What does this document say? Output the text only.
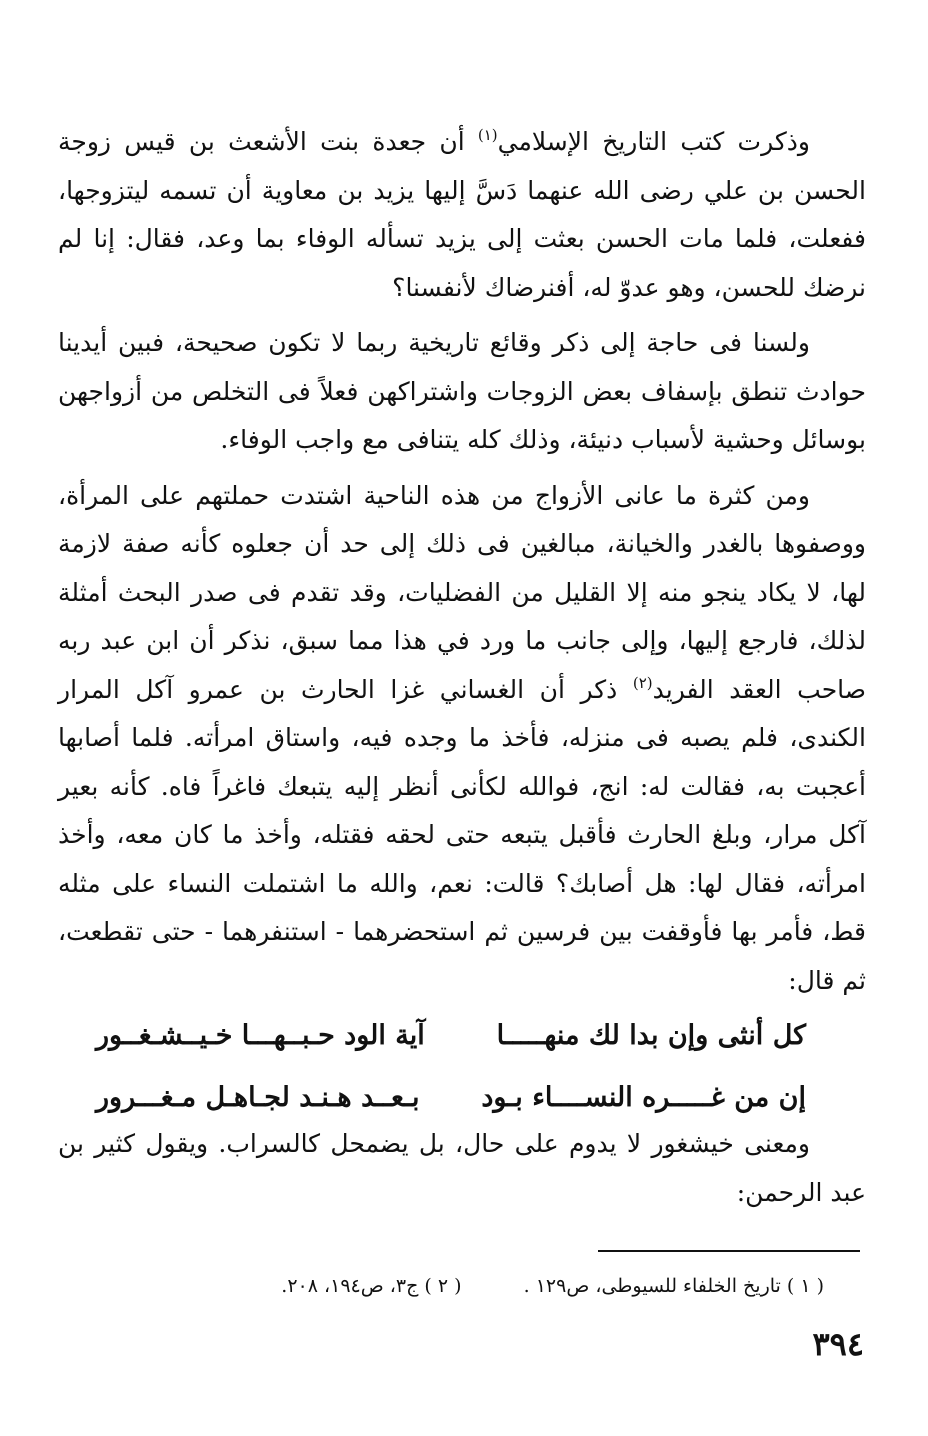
وذكرت كتب التاريخ الإسلامي$^{(١)}$ أن جعدة بنت الأشعث بن قيس زوجة الحسن بن علي رضى الله عنهما دَسَّ إليها يزيد بن معاوية أن تسمه ليتزوجها، ففعلت، فلما مات الحسن بعثت إلى يزيد تسأله الوفاء بما وعد، فقال: إنا لم نرضك للحسن، وهو عدوّ له، أفنرضاك لأنفسنا؟

ولسنا فى حاجة إلى ذكر وقائع تاريخية ربما لا تكون صحيحة، فبين أيدينا حوادث تنطق بإسفاف بعض الزوجات واشتراكهن فعلاً فى التخلص من أزواجهن بوسائل وحشية لأسباب دنيئة، وذلك كله يتنافى مع واجب الوفاء.

ومن كثرة ما عانى الأزواج من هذه الناحية اشتدت حملتهم على المرأة، ووصفوها بالغدر والخيانة، مبالغين فى ذلك إلى حد أن جعلوه كأنه صفة لازمة لها، لا يكاد ينجو منه إلا القليل من الفضليات، وقد تقدم فى صدر البحث أمثلة لذلك، فارجع إليها، وإلى جانب ما ورد في هذا مما سبق، نذكر أن ابن عبد ربه صاحب العقد الفريد$^{(٢)}$ ذكر أن الغساني غزا الحارث بن عمرو آكل المرار الكندى، فلم يصبه فى منزله، فأخذ ما وجده فيه، واستاق امرأته. فلما أصابها أعجبت به، فقالت له: انج، فوالله لكأنى أنظر إليه يتبعك فاغراً فاه. كأنه بعير آكل مرار، وبلغ الحارث فأقبل يتبعه حتى لحقه فقتله، وأخذ ما كان معه، وأخذ امرأته، فقال لها: هل أصابك؟ قالت: نعم، والله ما اشتملت النساء على مثله قط، فأمر بها فأوقفت بين فرسين ثم استحضرهما - استنفرهما - حتى تقطعت، ثم قال:

كل أنثى وإن بدا لك منهـــــا
آية الود حـبــهـــا خـيــشـغــور
إن من غـــــره النســــاء بـود
بـعــد هـنـد لجـاهـل مـغـــرور

ومعنى خيشغور لا يدوم على حال، بل يضمحل كالسراب. ويقول كثير بن عبد الرحمن:

( ١ ) تاريخ الخلفاء للسيوطى، ص١٢٩ . ( ٢ ) ج٣، ص١٩٤، ٢٠٨.
٣٩٤
